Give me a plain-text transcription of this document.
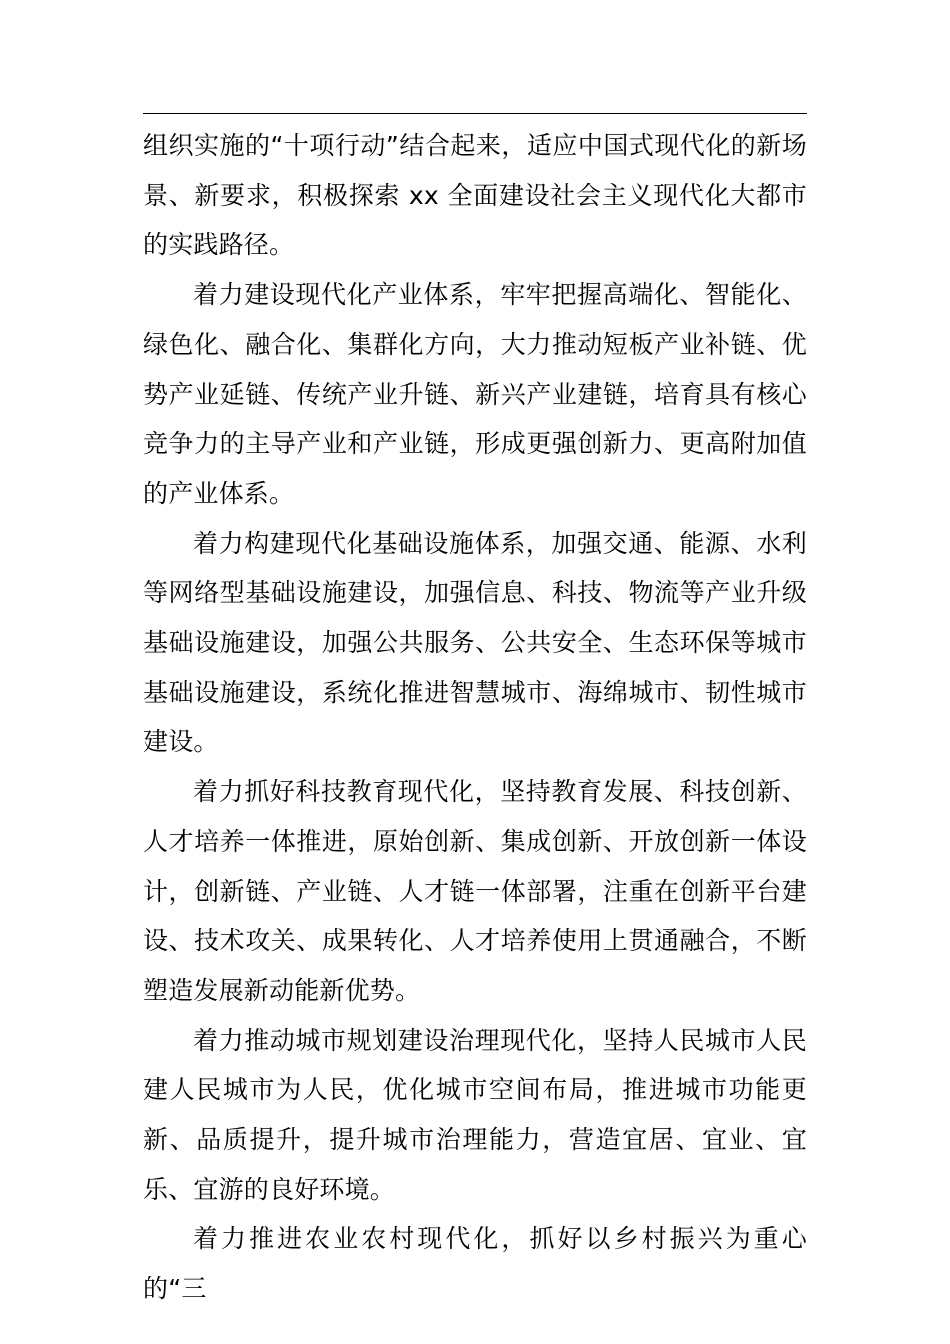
组织实施的“十项行动”结合起来，适应中国式现代化的新场景、新要求，积极探索 xx 全面建设社会主义现代化大都市的实践路径。

着力建设现代化产业体系，牢牢把握高端化、智能化、绿色化、融合化、集群化方向，大力推动短板产业补链、优势产业延链、传统产业升链、新兴产业建链，培育具有核心竞争力的主导产业和产业链，形成更强创新力、更高附加值的产业体系。

着力构建现代化基础设施体系，加强交通、能源、水利等网络型基础设施建设，加强信息、科技、物流等产业升级基础设施建设，加强公共服务、公共安全、生态环保等城市基础设施建设，系统化推进智慧城市、海绵城市、韧性城市建设。

着力抓好科技教育现代化，坚持教育发展、科技创新、人才培养一体推进，原始创新、集成创新、开放创新一体设计，创新链、产业链、人才链一体部署，注重在创新平台建设、技术攻关、成果转化、人才培养使用上贯通融合，不断塑造发展新动能新优势。

着力推动城市规划建设治理现代化，坚持人民城市人民建人民城市为人民，优化城市空间布局，推进城市功能更新、品质提升，提升城市治理能力，营造宜居、宜业、宜乐、宜游的良好环境。

着力推进农业农村现代化，抓好以乡村振兴为重心的“三
